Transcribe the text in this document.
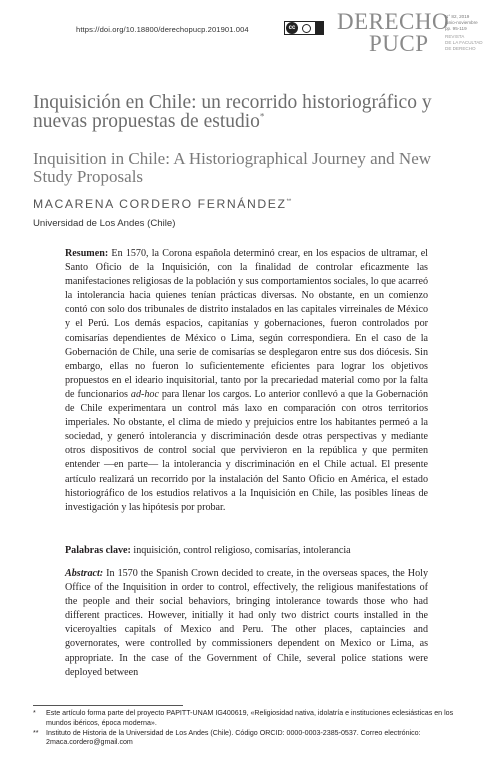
https://doi.org/10.18800/derechopucp.201901.004	cc DERECHO
PUCP
N° 82, 2019
junio-noviembre
pp. 95-119
REVISTA
DE LA FACULTAD
DE DERECHO
Inquisición en Chile: un recorrido historiográfico y nuevas propuestas de estudio*
Inquisition in Chile: A Historiographical Journey and New Study Proposals
MACARENA CORDERO FERNÁNDEZ**
Universidad de Los Andes (Chile)
Resumen: En 1570, la Corona española determinó crear, en los espacios de ultramar, el Santo Oficio de la Inquisición, con la finalidad de controlar eficazmente las manifestaciones religiosas de la población y sus comportamientos sociales, lo que acarreó la intolerancia hacia quienes tenían prácticas diversas. No obstante, en un comienzo contó con solo dos tribunales de distrito instalados en las capitales virreinales de México y el Perú. Los demás espacios, capitanías y gobernaciones, fueron controlados por comisarías dependientes de México o Lima, según correspondiera. En el caso de la Gobernación de Chile, una serie de comisarías se desplegaron entre sus dos diócesis. Sin embargo, ellas no fueron lo suficientemente eficientes para lograr los objetivos propuestos en el ideario inquisitorial, tanto por la precariedad material como por la falta de funcionarios ad-hoc para llenar los cargos. Lo anterior conllevó a que la Gobernación de Chile experimentara un control más laxo en comparación con otros territorios imperiales. No obstante, el clima de miedo y prejuicios entre los habitantes permeó a la sociedad, y generó intolerancia y discriminación desde otras perspectivas y mediante otros dispositivos de control social que pervivieron en la república y que permiten entender —en parte— la intolerancia y discriminación en el Chile actual. El presente artículo realizará un recorrido por la instalación del Santo Oficio en América, el estado historiográfico de los estudios relativos a la Inquisición en Chile, las posibles líneas de investigación y las hipótesis por probar.
Palabras clave: inquisición, control religioso, comisarías, intolerancia
Abstract: In 1570 the Spanish Crown decided to create, in the overseas spaces, the Holy Office of the Inquisition in order to control, effectively, the religious manifestations of the people and their social behaviors, bringing intolerance towards those who had different practices. However, initially it had only two district courts installed in the viceroyalties capitals of Mexico and Peru. The other places, captaincies and governorates, were controlled by commissioners dependent on Mexico or Lima, as appropriate. In the case of the Government of Chile, several police stations were deployed between
* Este artículo forma parte del proyecto PAPITT-UNAM IG400619, «Religiosidad nativa, idolatría e instituciones eclesiásticas en los mundos ibéricos, época moderna».
** Instituto de Historia de la Universidad de Los Andes (Chile). Código ORCID: 0000-0003-2385-0537. Correo electrónico: 2maca.cordero@gmail.com
